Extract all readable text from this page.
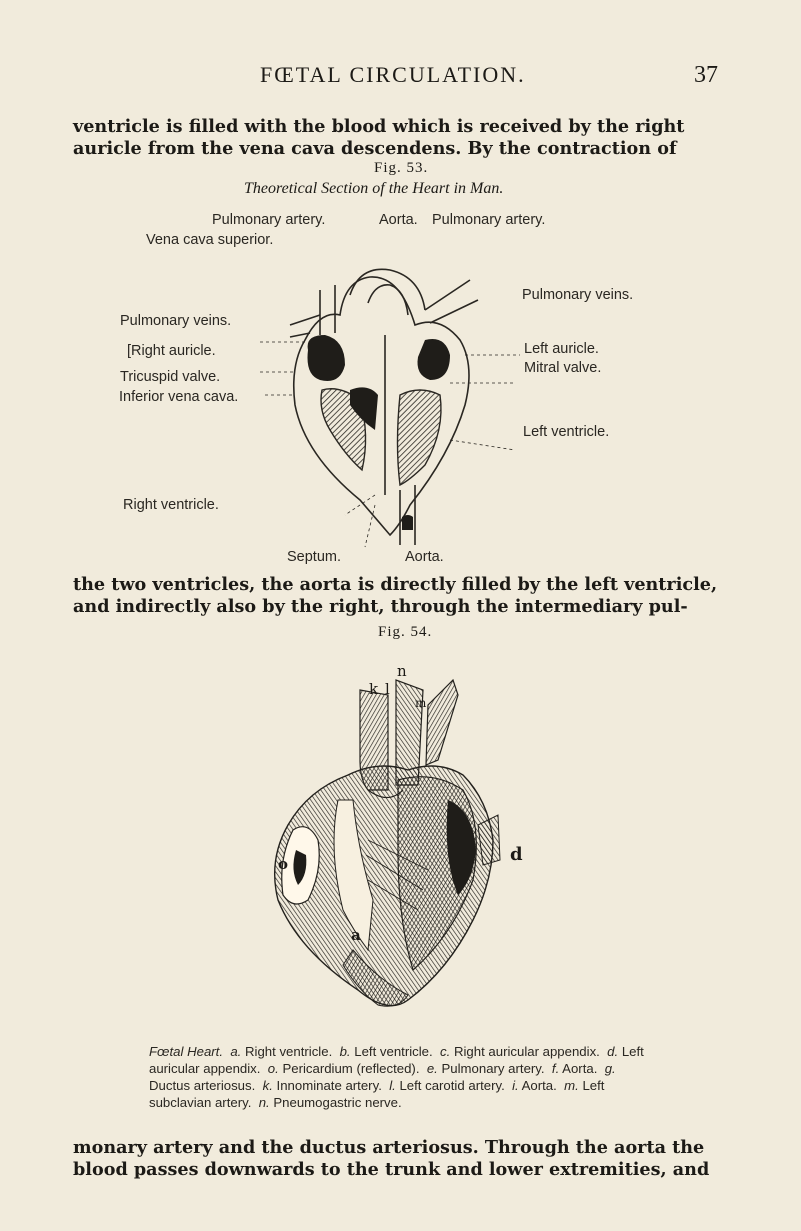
FŒTAL CIRCULATION.	37

ventricle is filled with the blood which is received by the right auricle from the vena cava descendens. By the contraction of

Fig. 53.
Theoretical Section of the Heart in Man.
Pulmonary artery.	Aorta. Pulmonary artery.
Vena cava superior.
Pulmonary veins.
[Right auricle.
Tricuspid valve.
Inferior vena cava.
Right ventricle.
Pulmonary veins.
Left auricle.
Mitral valve.
Left ventricle.
Septum.	Aorta.

the two ventricles, the aorta is directly filled by the left ventricle, and indirectly also by the right, through the intermediary pul-

Fig. 54.
k l
n
m
d
o
a
Fœtal Heart. a. Right ventricle. b. Left ventricle. c. Right auricular appendix. d. Left auricular appendix. o. Pericardium (reflected). e. Pulmonary artery. f. Aorta. g. Ductus arteriosus. k. Innominate artery. l. Left carotid artery. i. Aorta. m. Left subclavian artery. n. Pneumogastric nerve.

monary artery and the ductus arteriosus. Through the aorta the blood passes downwards to the trunk and lower extremities, and
